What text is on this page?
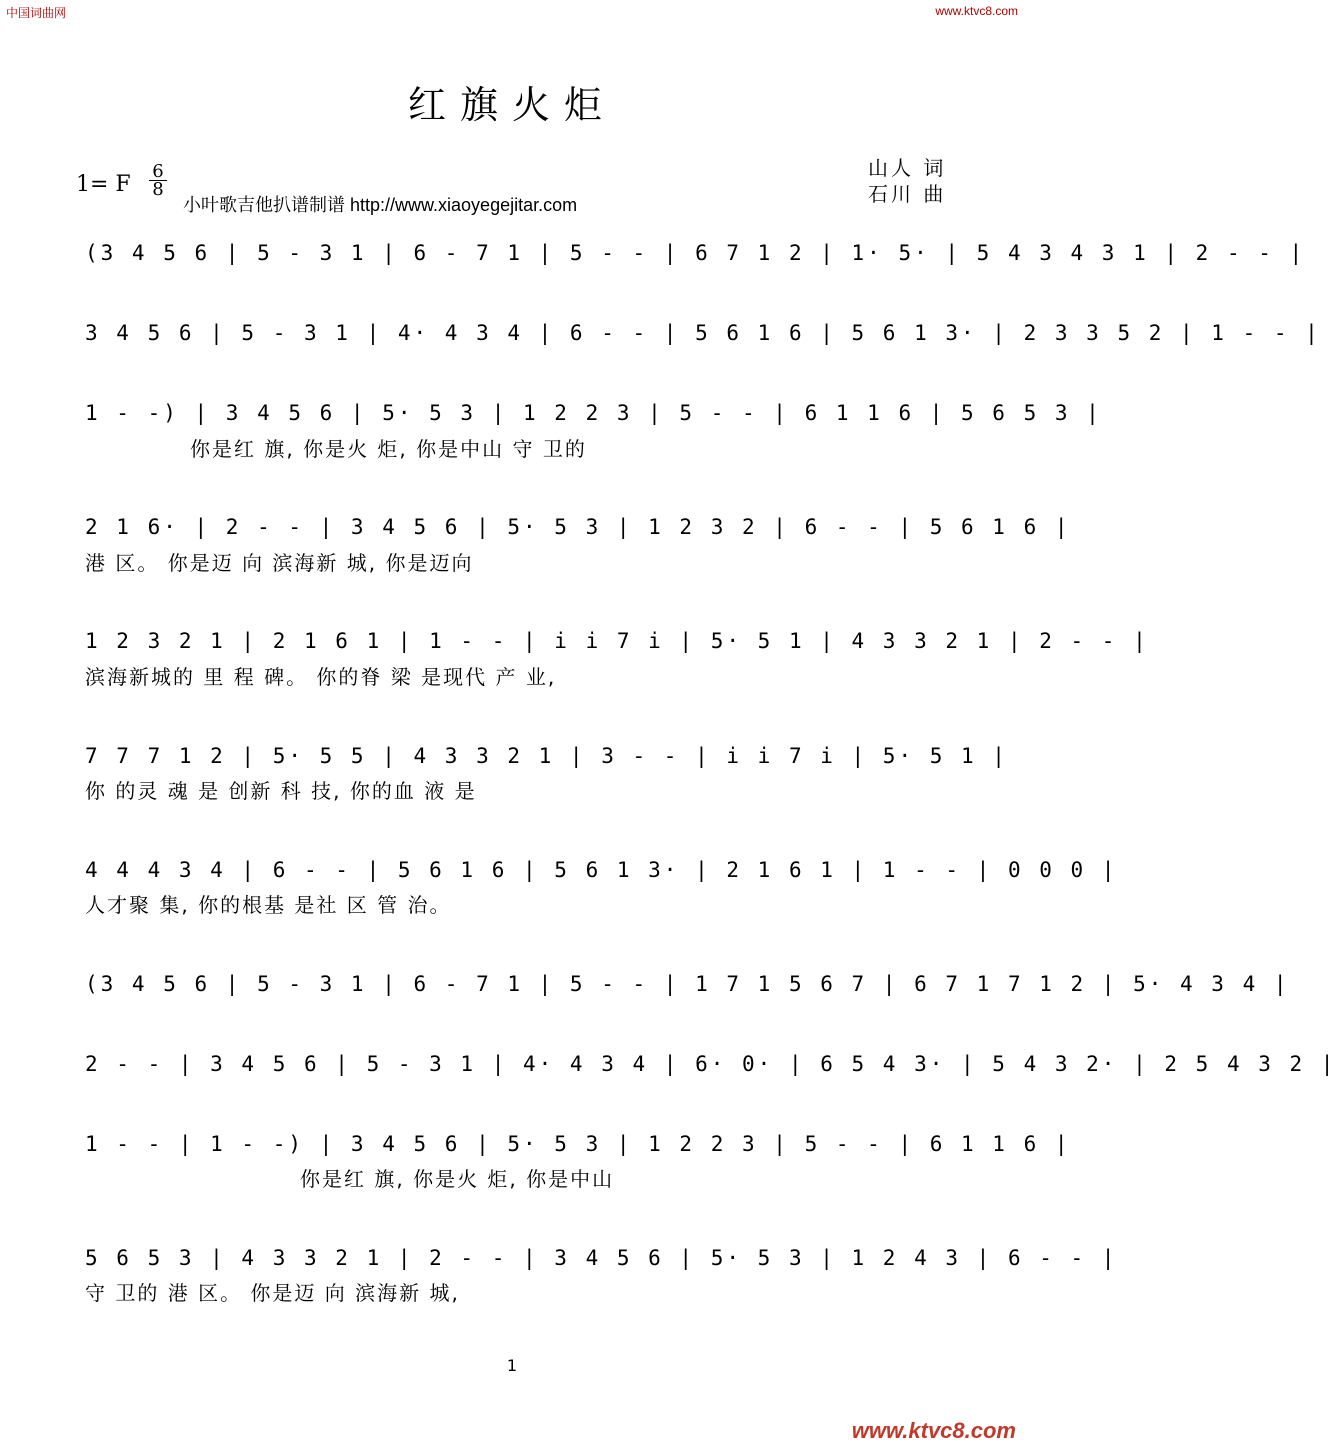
中国词曲网	www.ktvc8.com
红旗火炬
1= F
6
8
小叶歌吉他扒谱制谱 http://www.xiaoyegejitar.com
山人 词
石川 曲
(3 4 5 6 | 5 - 3 1 | 6 - 7 1 | 5 - - | 6 7 1 2 | 1· 5· | 5 4 3 4 3 1 | 2 - - |
3 4 5 6 | 5 - 3 1 | 4· 4 3 4 | 6 - - | 5 6 1 6 | 5 6 1 3· | 2 3 3 5 2 | 1 - - |
1 - -) | 3 4 5 6 | 5· 5 3 | 1 2 2 3 | 5 - - | 6 1 1 6 | 5 6 5 3 |
你是红 旗, 你是火 炬, 你是中山 守 卫的
2 1 6· | 2 - - | 3 4 5 6 | 5· 5 3 | 1 2 3 2 | 6 - - | 5 6 1 6 |
港 区。 你是迈 向 滨海新 城, 你是迈向
1 2 3 2 1 | 2 1 6 1 | 1 - - | i i 7 i | 5· 5 1 | 4 3 3 2 1 | 2 - - |
滨海新城的 里 程 碑。 你的脊 梁 是现代 产 业,
7 7 7 1 2 | 5· 5 5 | 4 3 3 2 1 | 3 - - | i i 7 i | 5· 5 1 |
你 的灵 魂 是 创新 科 技, 你的血 液 是
4 4 4 3 4 | 6 - - | 5 6 1 6 | 5 6 1 3· | 2 1 6 1 | 1 - - | 0 0 0 |
人才聚 集, 你的根基 是社 区 管 治。
(3 4 5 6 | 5 - 3 1 | 6 - 7 1 | 5 - - | 1 7 1 5 6 7 | 6 7 1 7 1 2 | 5· 4 3 4 |
2 - - | 3 4 5 6 | 5 - 3 1 | 4· 4 3 4 | 6· 0· | 6 5 4 3· | 5 4 3 2· | 2 5 4 3 2 |
1 - - | 1 - -) | 3 4 5 6 | 5· 5 3 | 1 2 2 3 | 5 - - | 6 1 1 6 |
你是红 旗, 你是火 炬, 你是中山
5 6 5 3 | 4 3 3 2 1 | 2 - - | 3 4 5 6 | 5· 5 3 | 1 2 4 3 | 6 - - |
守 卫的 港 区。 你是迈 向 滨海新 城,
1
www.ktvc8.com
